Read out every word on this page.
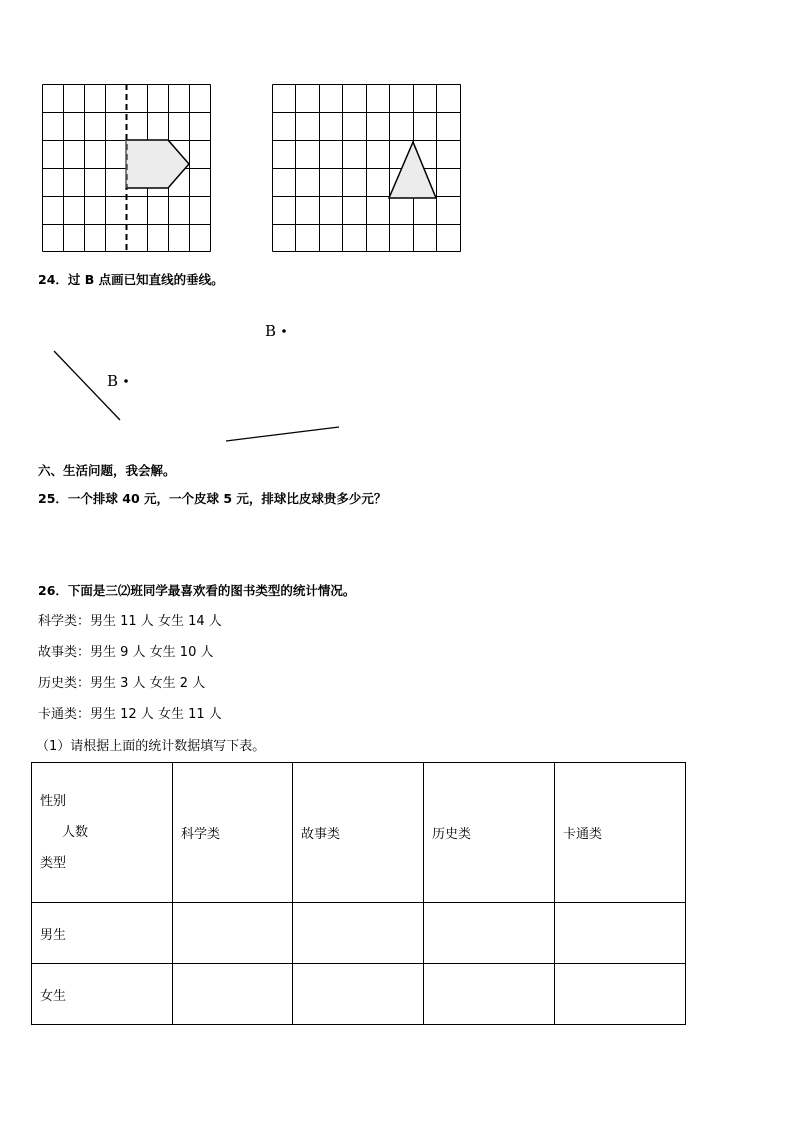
24．过 B 点画已知直线的垂线。
B
B
六、生活问题，我会解。
25．一个排球 40 元，一个皮球 5 元，排球比皮球贵多少元？
26．下面是三⑵班同学最喜欢看的图书类型的统计情况。
科学类：男生 11 人 女生 14 人
故事类：男生 9 人 女生 10 人
历史类：男生 3 人 女生 2 人
卡通类：男生 12 人 女生 11 人
（1）请根据上面的统计数据填写下表。
性别
人数
类型	科学类	故事类	历史类	卡通类
男生				
女生				
